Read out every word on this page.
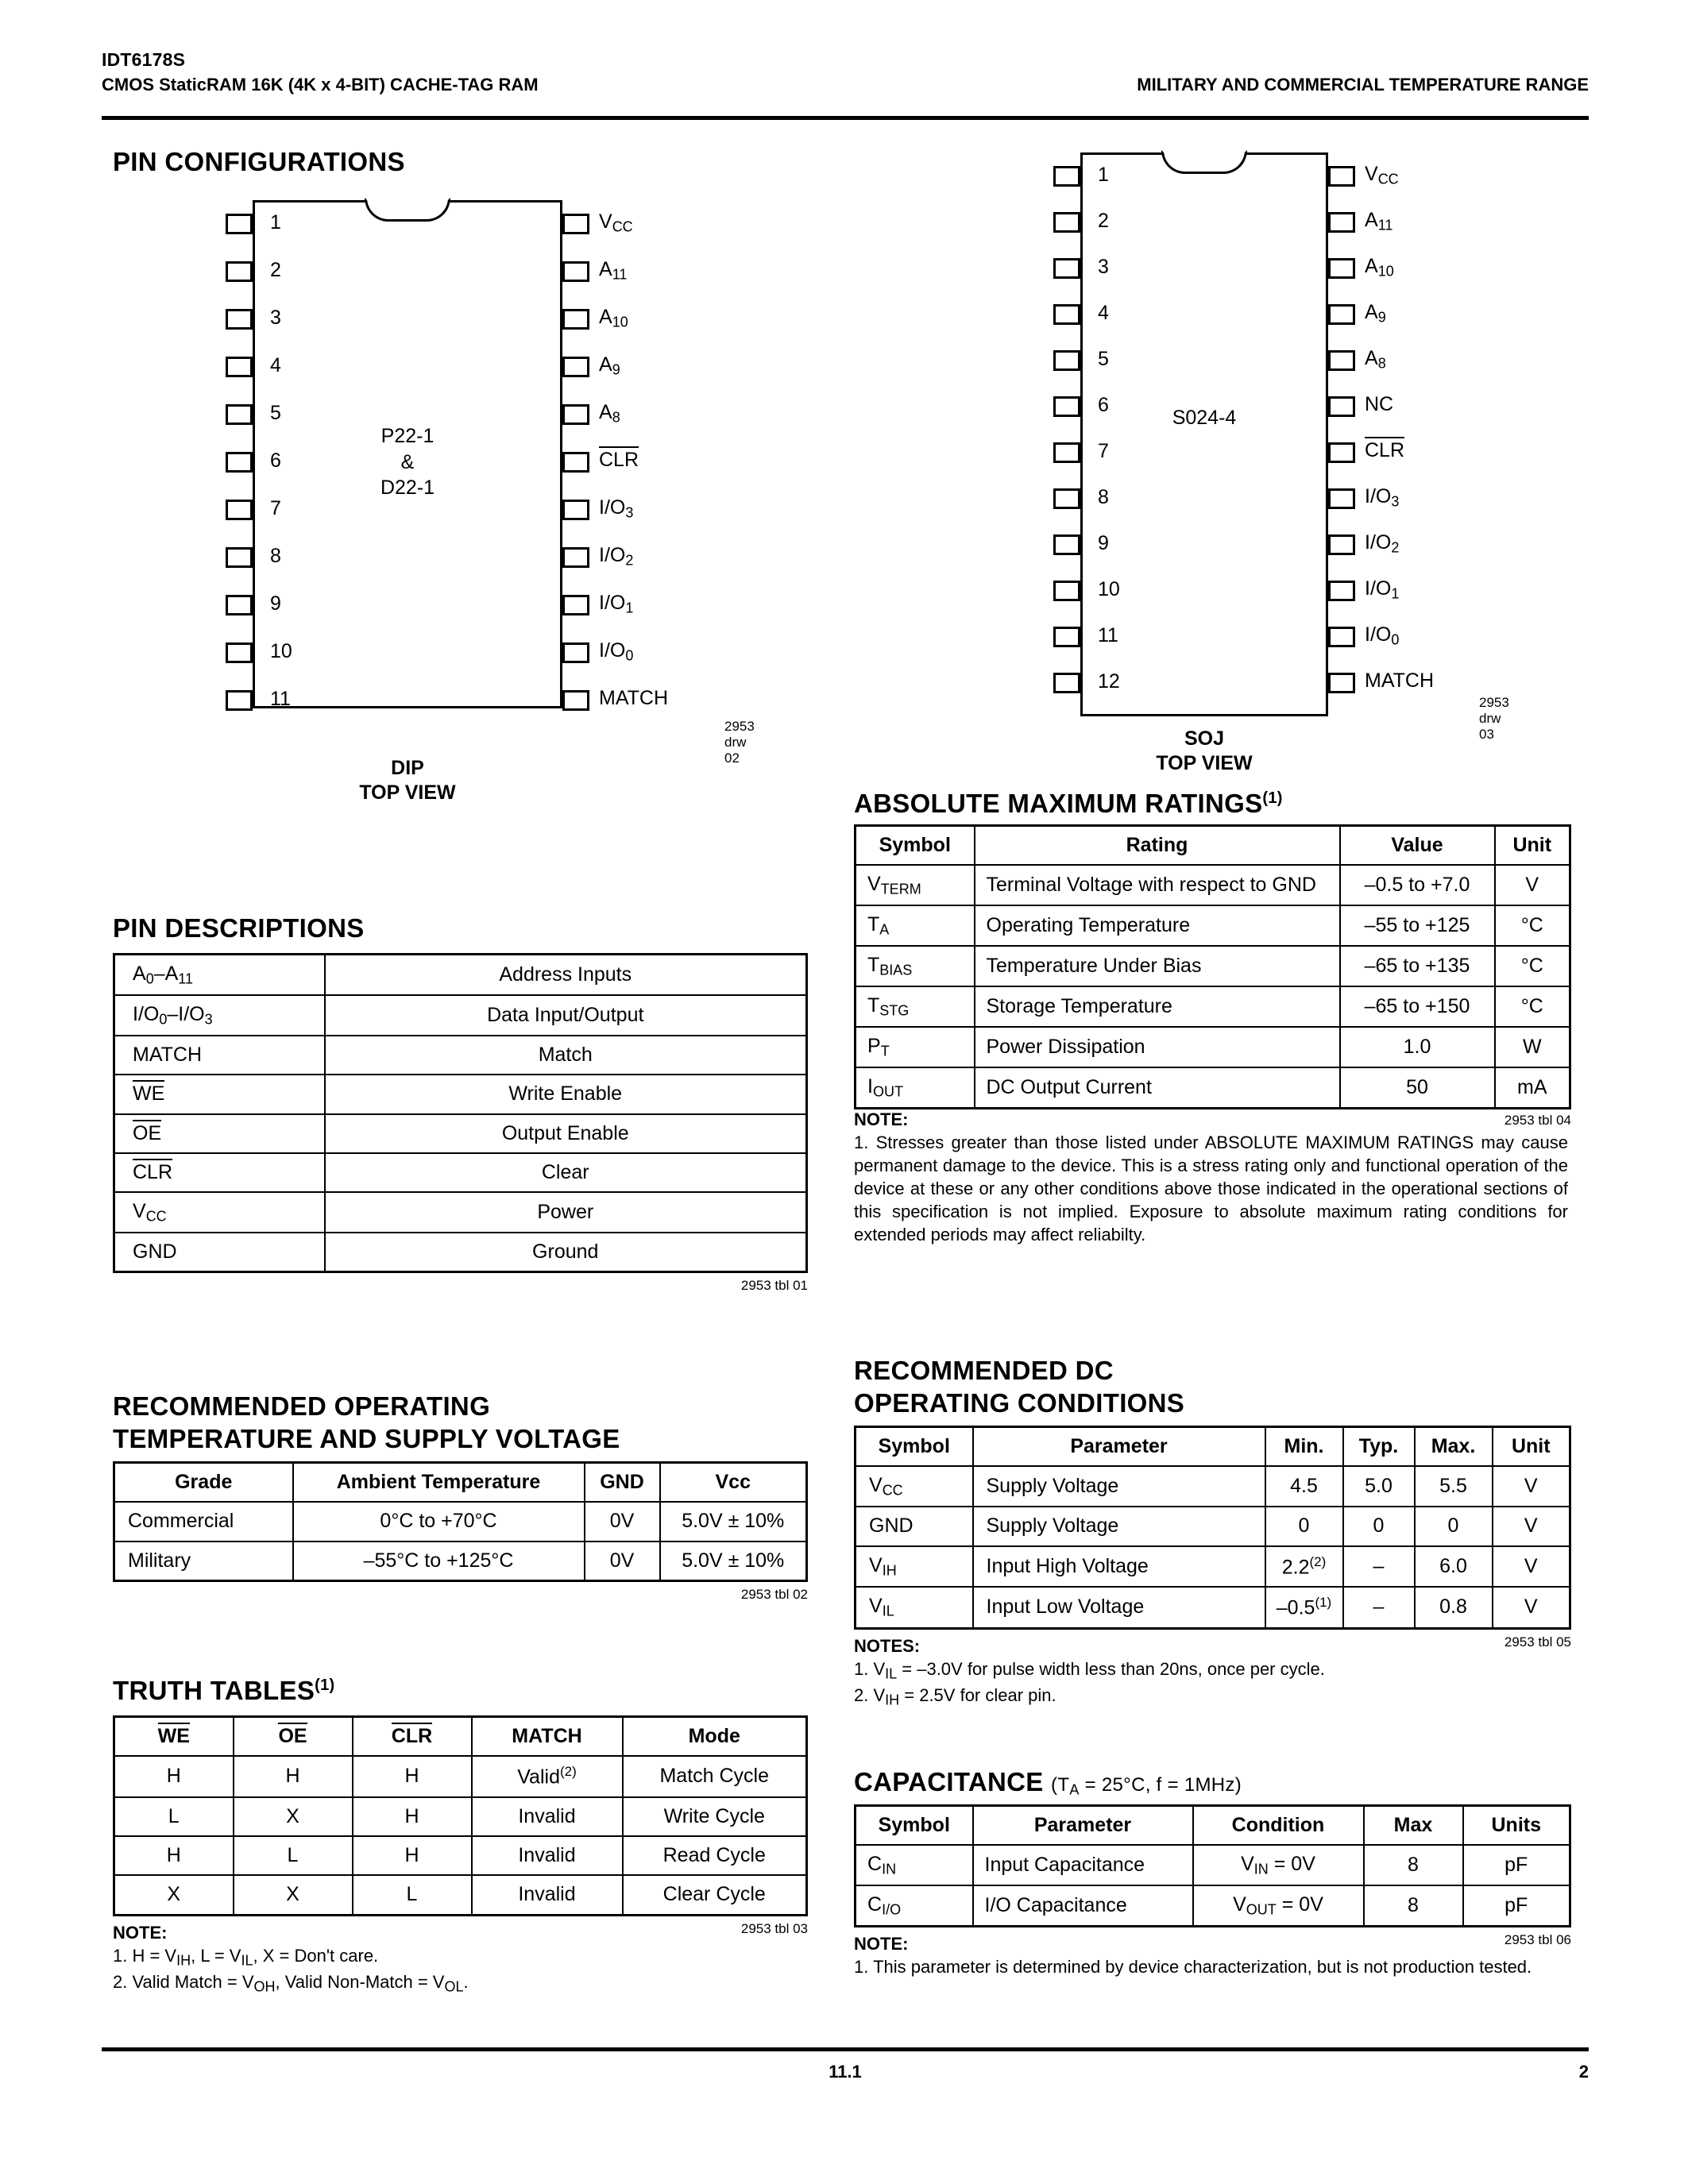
IDT6178S
CMOS StaticRAM 16K (4K x 4-BIT) CACHE-TAG RAM	MILITARY AND COMMERCIAL TEMPERATURE RANGE
PIN CONFIGURATIONS
1
2
3
4
5
6
7
8
9
10
11
$V_{CC}$
$A_{11}$
$A_{10}$
$A_9$
$A_8$
CLR
$I/O_3$
$I/O_2$
$I/O_1$
$I/O_0$
MATCH
P22-1
&
D22-1
DIP
TOP VIEW
2953 drw 02
1
2
3
4
5
6
7
8
9
10
11
12
$V_{CC}$
$A_{11}$
$A_{10}$
$A_9$
$A_8$
NC
CLR
$I/O_3$
$I/O_2$
$I/O_1$
$I/O_0$
MATCH
S024-4
SOJ
TOP VIEW
2953 drw 03
PIN DESCRIPTIONS
$A_0-A_{11}$	Address Inputs
$I/O_0-I/O_3$	Data Input/Output
MATCH	Match
WE	Write Enable
OE	Output Enable
CLR	Clear
$V_{CC}$	Power
GND	Ground
2953 tbl 01
ABSOLUTE MAXIMUM RATINGS$^{(1)}$
Symbol	Rating	Value	Unit
$V_{TERM}$	Terminal Voltage with respect to GND	–0.5 to +7.0	V
$T_A$	Operating Temperature	–55 to +125	°C
$T_{BIAS}$	Temperature Under Bias	–65 to +135	°C
$T_{STG}$	Storage Temperature	–65 to +150	°C
$P_T$	Power Dissipation	1.0	W
$I_{OUT}$	DC Output Current	50	mA
2953 tbl 04
NOTE:
1. Stresses greater than those listed under ABSOLUTE MAXIMUM RATINGS may cause permanent damage to the device. This is a stress rating only and functional operation of the device at these or any other conditions above those indicated in the operational sections of this specification is not implied. Exposure to absolute maximum rating conditions for extended periods may affect reliabilty.
RECOMMENDED OPERATING
TEMPERATURE AND SUPPLY VOLTAGE
Grade	Ambient Temperature	GND	Vcc
Commercial	0°C to +70°C	0V	5.0V ± 10%
Military	–55°C to +125°C	0V	5.0V ± 10%
2953 tbl 02
RECOMMENDED DC
OPERATING CONDITIONS
Symbol	Parameter	Min.	Typ.	Max.	Unit
$V_{CC}$	Supply Voltage	4.5	5.0	5.5	V
GND	Supply Voltage	0	0	0	V
$V_{IH}$	Input High Voltage	2.2$^{(2)}$	–	6.0	V
$V_{IL}$	Input Low Voltage	–0.5$^{(1)}$	–	0.8	V
2953 tbl 05
NOTES:
1. $V_{IL} = -3.0V$ for pulse width less than 20ns, once per cycle.
2. $V_{IH} = 2.5V$ for clear pin.
TRUTH TABLES$^{(1)}$
WE	OE	CLR	MATCH	Mode
H	H	H	Valid$^{(2)}$	Match Cycle
L	X	H	Invalid	Write Cycle
H	L	H	Invalid	Read Cycle
X	X	L	Invalid	Clear Cycle
2953 tbl 03
NOTE:
1. $H = V_{IH}$, $L = V_{IL}$, X = Don't care.
2. Valid Match = $V_{OH}$, Valid Non-Match = $V_{OL}$.
CAPACITANCE ($T_A = 25^\circ C$, f = 1MHz)
Symbol	Parameter	Condition	Max	Units
$C_{IN}$	Input Capacitance	$V_{IN} = 0V$	8	pF
$C_{I/O}$	I/O Capacitance	$V_{OUT} = 0V$	8	pF
2953 tbl 06
NOTE:
1. This parameter is determined by device characterization, but is not production tested.
11.1	2
